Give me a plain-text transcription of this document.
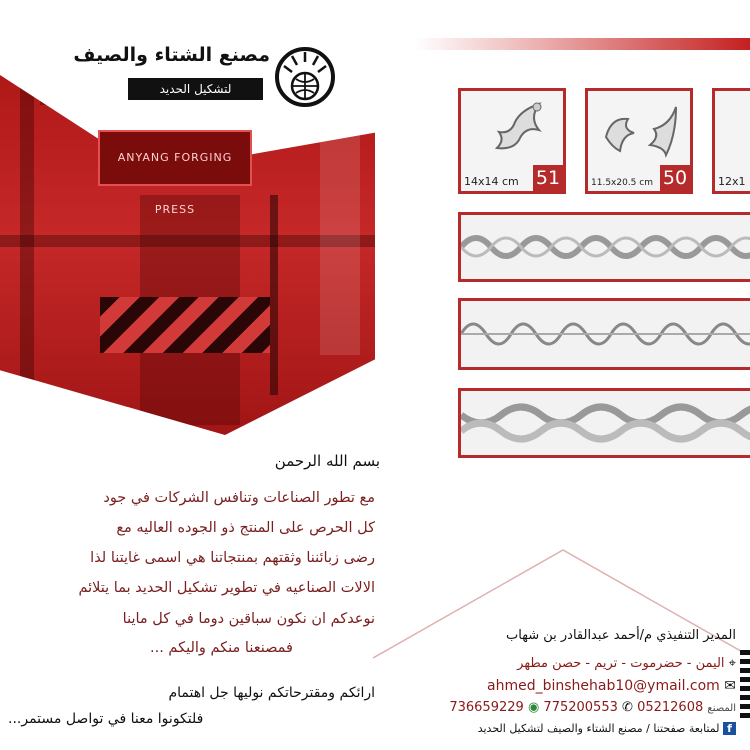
ANYANG FORGING PRESS
مصنع الشتاء والصيف
لتشكيل الحديد
14x14 cm 51	11.5x20.5 cm 50	12x1
بسم الله الرحمن
مع تطور الصناعات وتنافس الشركات في جود
كل الحرص على المنتج ذو الجوده العاليه مع
رضى زبائننا وثقتهم بمنتجاتنا هي اسمى غايتنا لذا
الالات الصناعيه في تطوير تشكيل الحديد بما يتلائم
نوعدكم ان نكون سباقين دوما في كل ماينا
فمصنعنا منكم واليكم ...
ارائكم ومقترحاتكم نوليها جل اهتمام
فلتكونوا معنا في تواصل مستمر...
المدير التنفيذي م/أحمد عبدالقادر بن شهاب
⌖ اليمن - حضرموت - تريم - حصن مطهر
ahmed_binshehab10@ymail.com ✉
736659229 ◉ 775200553 ✆ 05212608 المصنع
f لمتابعة صفحتنا / مصنع الشتاء والصيف لتشكيل الحديد
